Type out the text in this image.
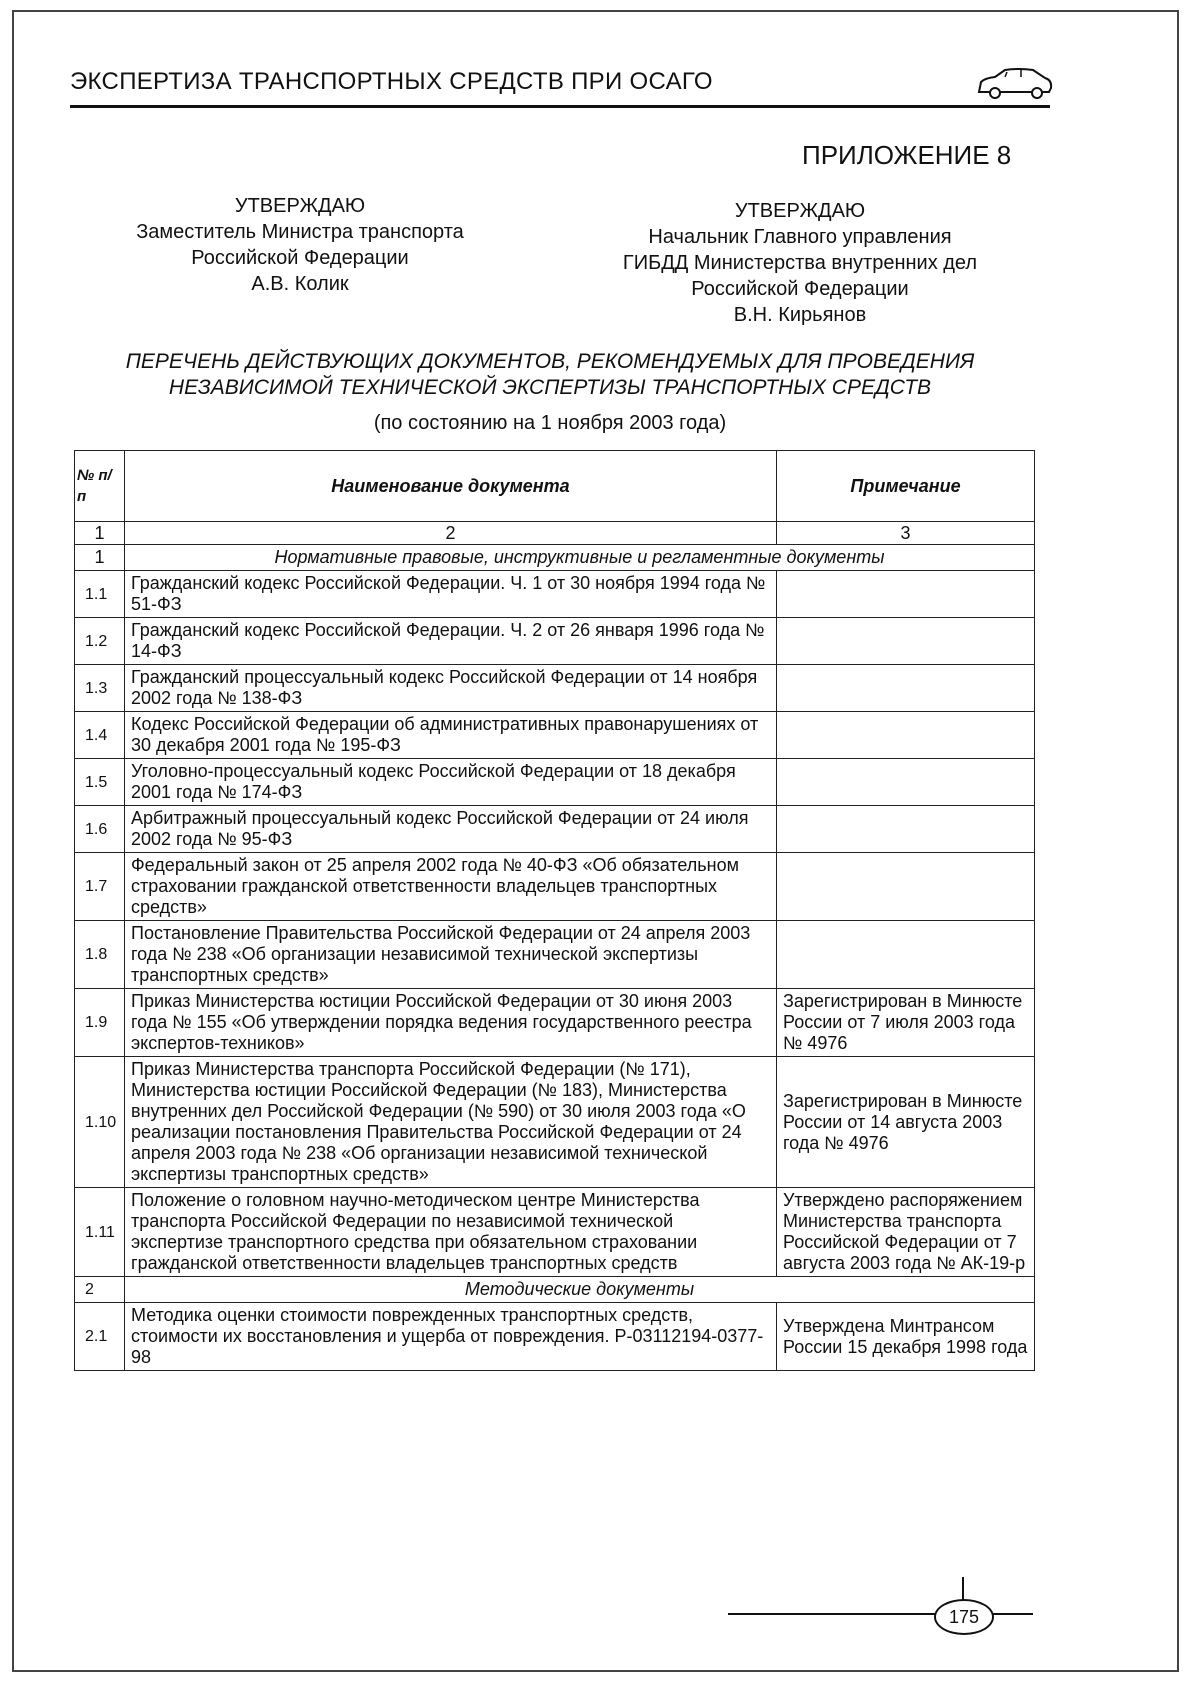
ЭКСПЕРТИЗА ТРАНСПОРТНЫХ СРЕДСТВ ПРИ ОСАГО
ПРИЛОЖЕНИЕ 8
УТВЕРЖДАЮ
Заместитель Министра транспорта
Российской Федерации
А.В. Колик
УТВЕРЖДАЮ
Начальник Главного управления
ГИБДД Министерства внутренних дел
Российской Федерации
В.Н. Кирьянов
ПЕРЕЧЕНЬ ДЕЙСТВУЮЩИХ ДОКУМЕНТОВ, РЕКОМЕНДУЕМЫХ ДЛЯ ПРОВЕДЕНИЯ
НЕЗАВИСИМОЙ ТЕХНИЧЕСКОЙ ЭКСПЕРТИЗЫ ТРАНСПОРТНЫХ СРЕДСТВ
(по состоянию на 1 ноября 2003 года)
№ п/п	Наименование документа	Примечание
1	2	3
1	Нормативные правовые, инструктивные и регламентные документы	
1.1	Гражданский кодекс Российской Федерации. Ч. 1 от 30 ноября 1994 года № 51-ФЗ	
1.2	Гражданский кодекс Российской Федерации. Ч. 2 от 26 января 1996 года № 14-ФЗ	
1.3	Гражданский процессуальный кодекс Российской Федерации от 14 ноября 2002 года № 138-ФЗ	
1.4	Кодекс Российской Федерации об административных правонарушениях от 30 декабря 2001 года № 195-ФЗ	
1.5	Уголовно-процессуальный кодекс Российской Федерации от 18 декабря 2001 года № 174-ФЗ	
1.6	Арбитражный процессуальный кодекс Российской Федерации от 24 июля 2002 года № 95-ФЗ	
1.7	Федеральный закон от 25 апреля 2002 года № 40-ФЗ «Об обязательном страховании гражданской ответственности владельцев транспортных средств»	
1.8	Постановление Правительства Российской Федерации от 24 апреля 2003 года № 238 «Об организации независимой технической экспертизы транспортных средств»	
1.9	Приказ Министерства юстиции Российской Федерации от 30 июня 2003 года № 155 «Об утверждении порядка ведения государственного реестра экспертов-техников»	Зарегистрирован в Минюсте России от 7 июля 2003 года № 4976
1.10	Приказ Министерства транспорта Российской Федерации (№ 171), Министерства юстиции Российской Федерации (№ 183), Министерства внутренних дел Российской Федерации (№ 590) от 30 июля 2003 года «О реализации постановления Правительства Российской Федерации от 24 апреля 2003 года № 238 «Об организации независимой технической экспертизы транспортных средств»	Зарегистрирован в Минюсте России от 14 августа 2003 года № 4976
1.11	Положение о головном научно-методическом центре Министерства транспорта Российской Федерации по независимой технической экспертизе транспортного средства при обязательном страховании гражданской ответственности владельцев транспортных средств	Утверждено распоряжением Министерства транспорта Российской Федерации от 7 августа 2003 года № АК-19-р
2	Методические документы	
2.1	Методика оценки стоимости поврежденных транспортных средств, стоимости их восстановления и ущерба от повреждения. Р-03112194-0377-98	Утверждена Минтрансом России 15 декабря 1998 года
175
